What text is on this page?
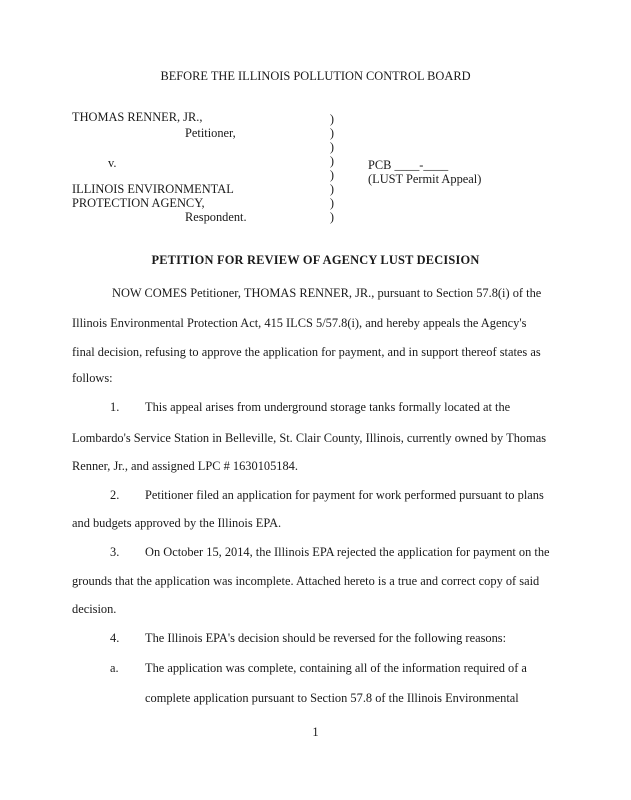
BEFORE THE ILLINOIS POLLUTION CONTROL BOARD
THOMAS RENNER, JR.,
Petitioner,
v.
ILLINOIS ENVIRONMENTAL
PROTECTION AGENCY,
Respondent.
)
)
)
)
)
)
)
)
PCB ____-____
(LUST Permit Appeal)
PETITION FOR REVIEW OF AGENCY LUST DECISION
NOW COMES Petitioner, THOMAS RENNER, JR., pursuant to Section 57.8(i) of the
Illinois Environmental Protection Act, 415 ILCS 5/57.8(i), and hereby appeals the Agency's
final decision, refusing to approve the application for payment, and in support thereof states as
follows:
1. This appeal arises from underground storage tanks formally located at the
Lombardo's Service Station in Belleville, St. Clair County, Illinois, currently owned by Thomas
Renner, Jr., and assigned LPC # 1630105184.
2. Petitioner filed an application for payment for work performed pursuant to plans
and budgets approved by the Illinois EPA.
3. On October 15, 2014, the Illinois EPA rejected the application for payment on the
grounds that the application was incomplete. Attached hereto is a true and correct copy of said
decision.
4. The Illinois EPA's decision should be reversed for the following reasons:
a. The application was complete, containing all of the information required of a
complete application pursuant to Section 57.8 of the Illinois Environmental
1
